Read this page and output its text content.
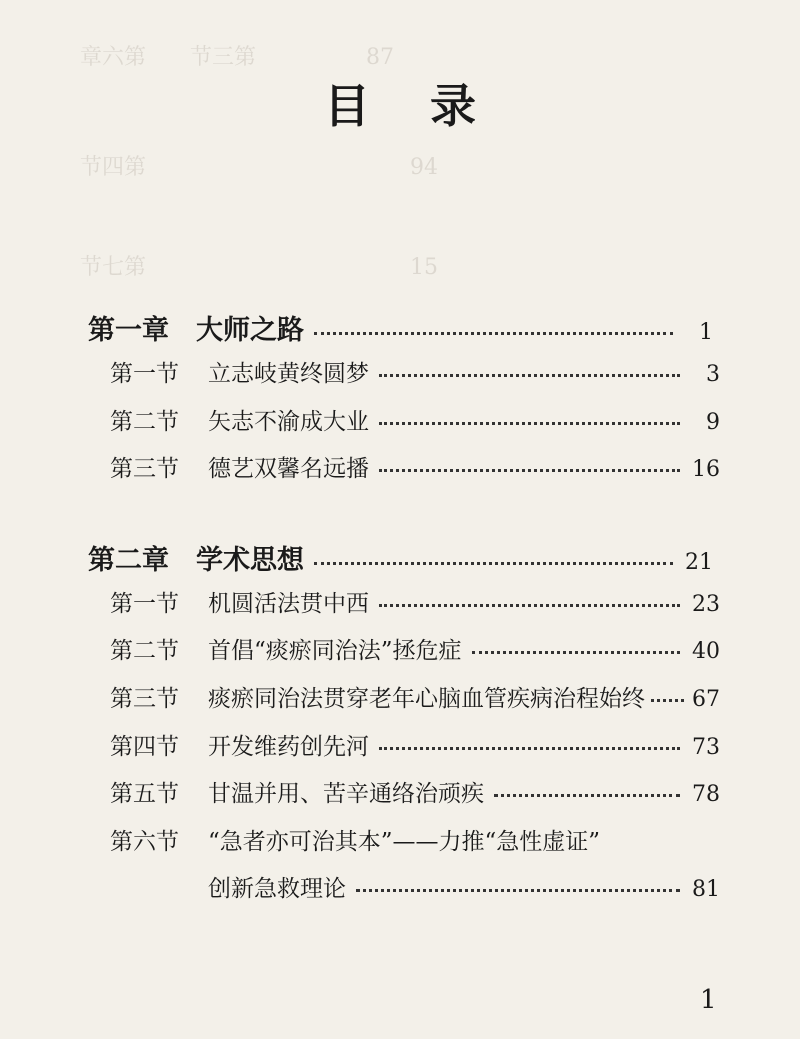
章六第　　节三第　　　　　87
节四第　　　　　　　　　　　　94
节七第　　　　　　　　　　　　15
目录
第一章	大师之路	1
第一节	立志岐黄终圆梦	3
第二节	矢志不渝成大业	9
第三节	德艺双馨名远播	16
第二章	学术思想	21
第一节	机圆活法贯中西	23
第二节	首倡“痰瘀同治法”拯危症	40
第三节	痰瘀同治法贯穿老年心脑血管疾病治程始终 67
第四节	开发维药创先河	73
第五节	甘温并用、苦辛通络治顽疾	78
第六节	“急者亦可治其本”——力推“急性虚证”
创新急救理论	81
1
